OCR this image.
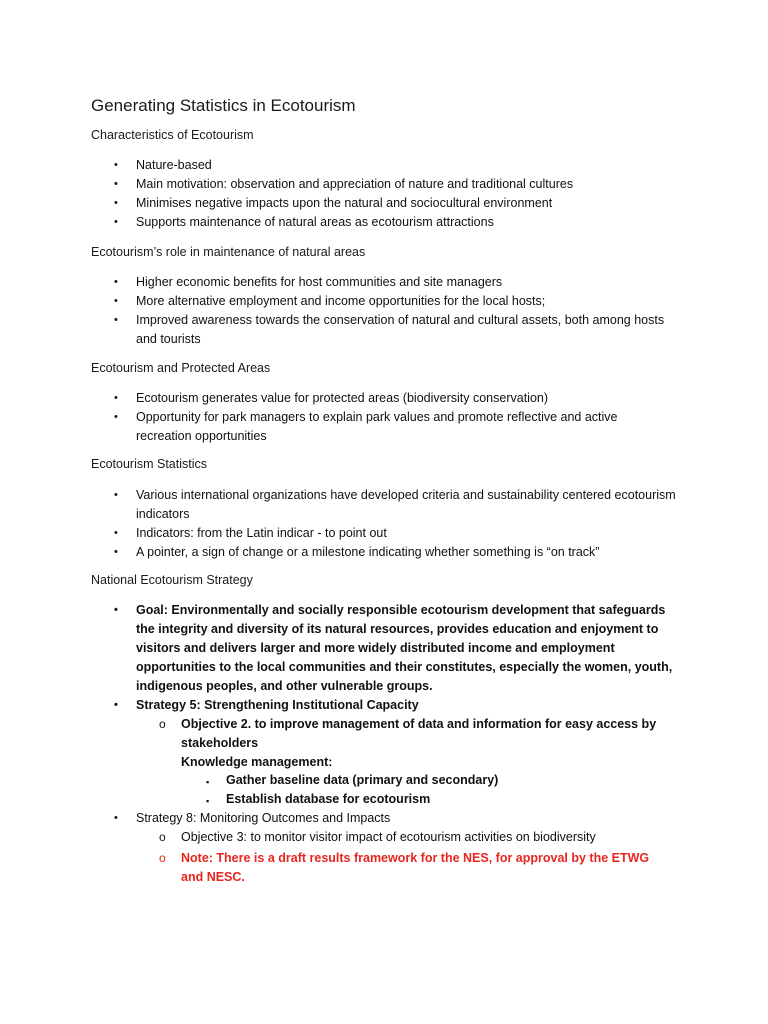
Generating Statistics in Ecotourism
Characteristics of Ecotourism
• Nature-based
• Main motivation: observation and appreciation of nature and traditional cultures
• Minimises negative impacts upon the natural and sociocultural environment
• Supports maintenance of natural areas as ecotourism attractions
Ecotourism’s role in maintenance of natural areas
• Higher economic benefits for host communities and site managers
• More alternative employment and income opportunities for the local hosts;
• Improved awareness towards the conservation of natural and cultural assets, both among hosts and tourists
Ecotourism and Protected Areas
• Ecotourism generates value for protected areas (biodiversity conservation)
• Opportunity for park managers to explain park values and promote reflective and active recreation opportunities
Ecotourism Statistics
• Various international organizations have developed criteria and sustainability centered ecotourism indicators
• Indicators: from the Latin indicar - to point out
• A pointer, a sign of change or a milestone indicating whether something is “on track”
National Ecotourism Strategy
• Goal: Environmentally and socially responsible ecotourism development that safeguards the integrity and diversity of its natural resources, provides education and enjoyment to visitors and delivers larger and more widely distributed income and employment opportunities to the local communities and their constitutes, especially the women, youth, indigenous peoples, and other vulnerable groups.
• Strategy 5: Strengthening Institutional Capacity
o Objective 2. to improve management of data and information for easy access by stakeholders
Knowledge management:
▪ Gather baseline data (primary and secondary)
▪ Establish database for ecotourism
• Strategy 8: Monitoring Outcomes and Impacts
o Objective 3: to monitor visitor impact of ecotourism activities on biodiversity
o Note: There is a draft results framework for the NES, for approval by the ETWG and NESC.
